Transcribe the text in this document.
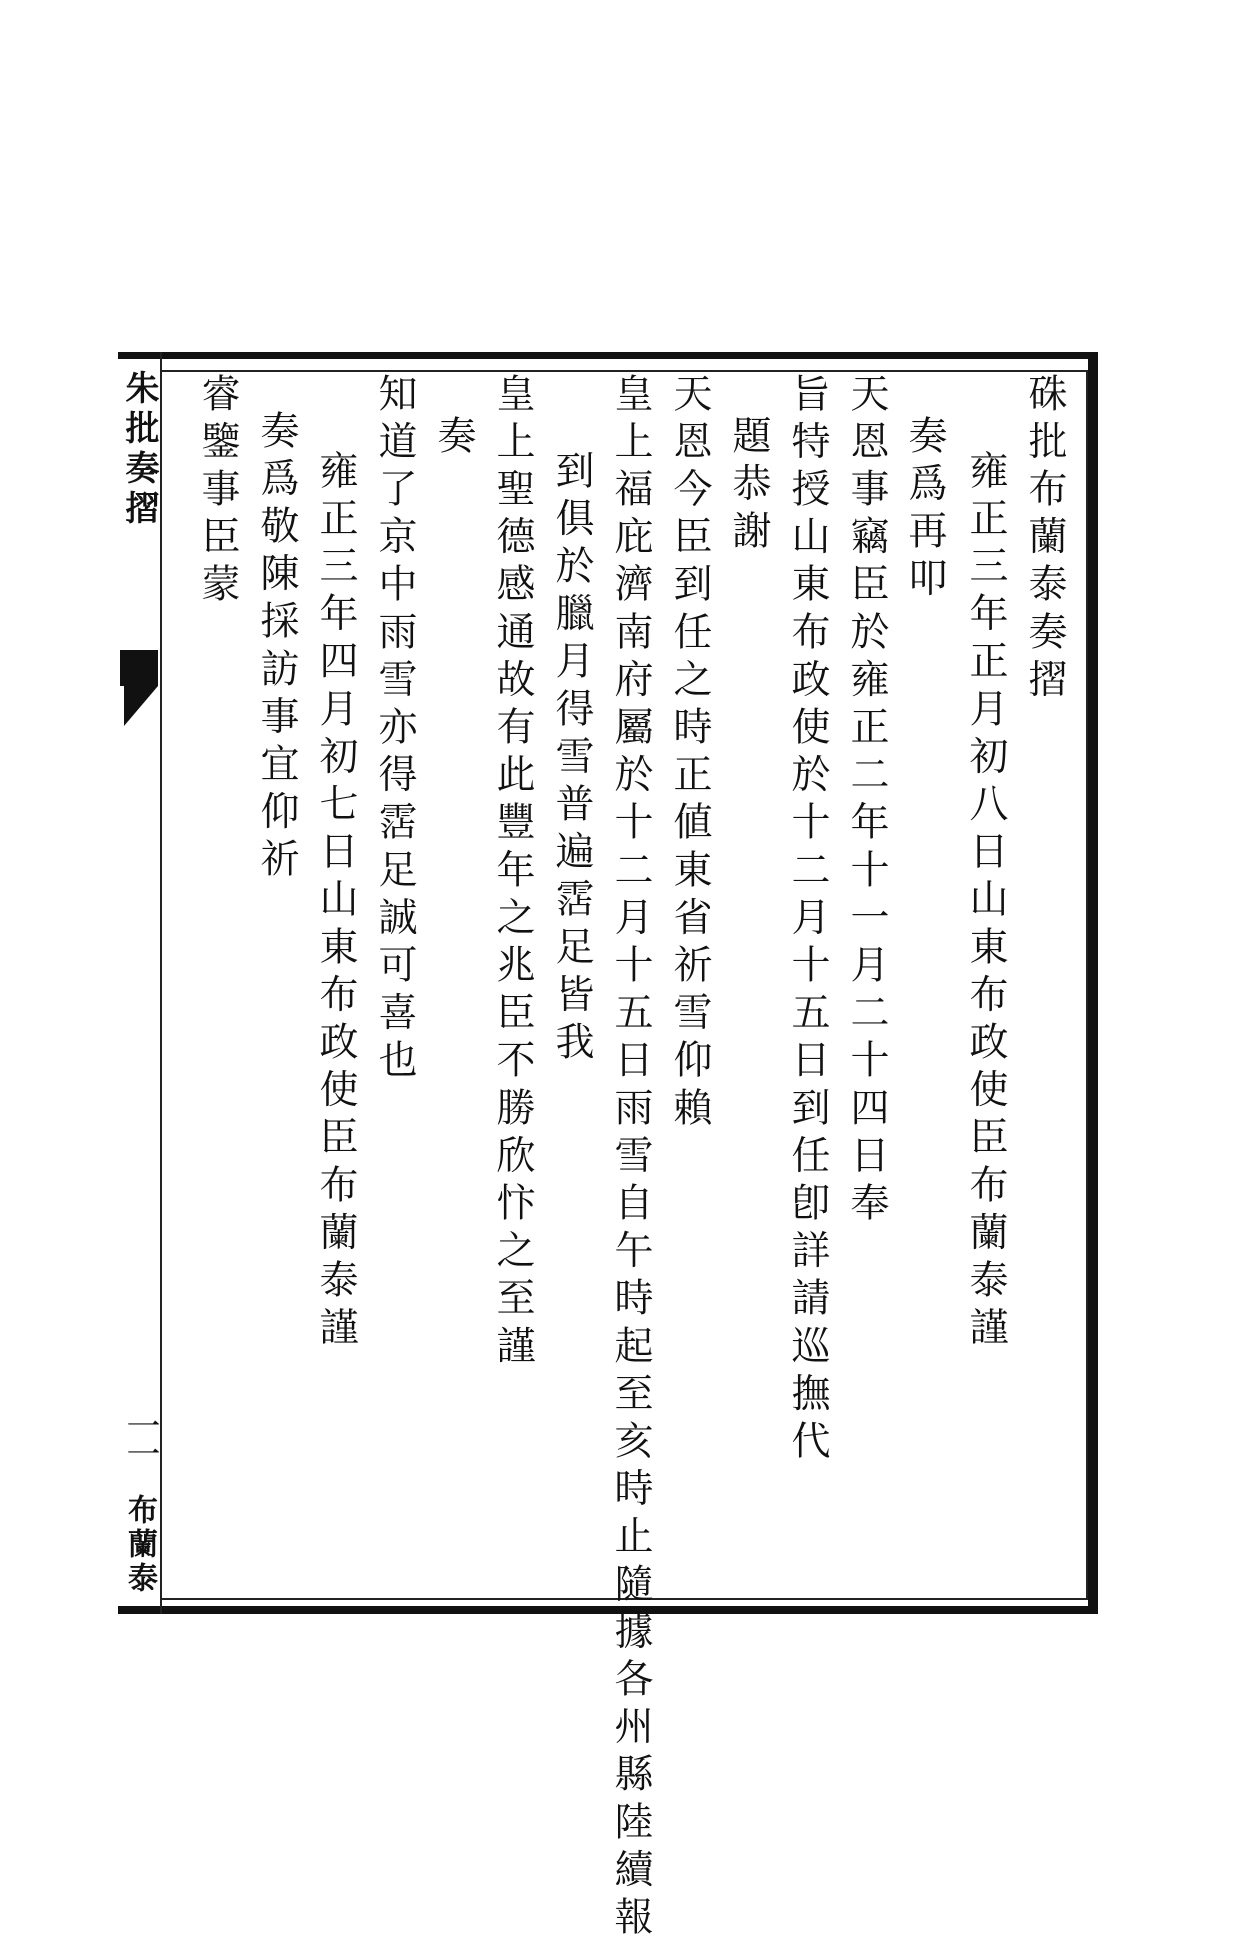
朱批奏摺
一一
布蘭泰
硃批布蘭泰奏摺
雍正三年正月初八日山東布政使臣布蘭泰謹
奏爲再叩
天恩事竊臣於雍正二年十一月二十四日奉
旨特授山東布政使於十二月十五日到任卽詳請巡撫代
題恭謝
天恩今臣到任之時正値東省祈雪仰賴
皇上福庇濟南府屬於十二月十五日雨雪自午時起至亥時止隨據各州縣陸續報
到俱於臘月得雪普遍霑足皆我
皇上聖德感通故有此豐年之兆臣不勝欣忭之至謹
奏
知道了京中雨雪亦得霑足誠可喜也
雍正三年四月初七日山東布政使臣布蘭泰謹
奏爲敬陳採訪事宜仰祈
睿鑒事臣蒙
